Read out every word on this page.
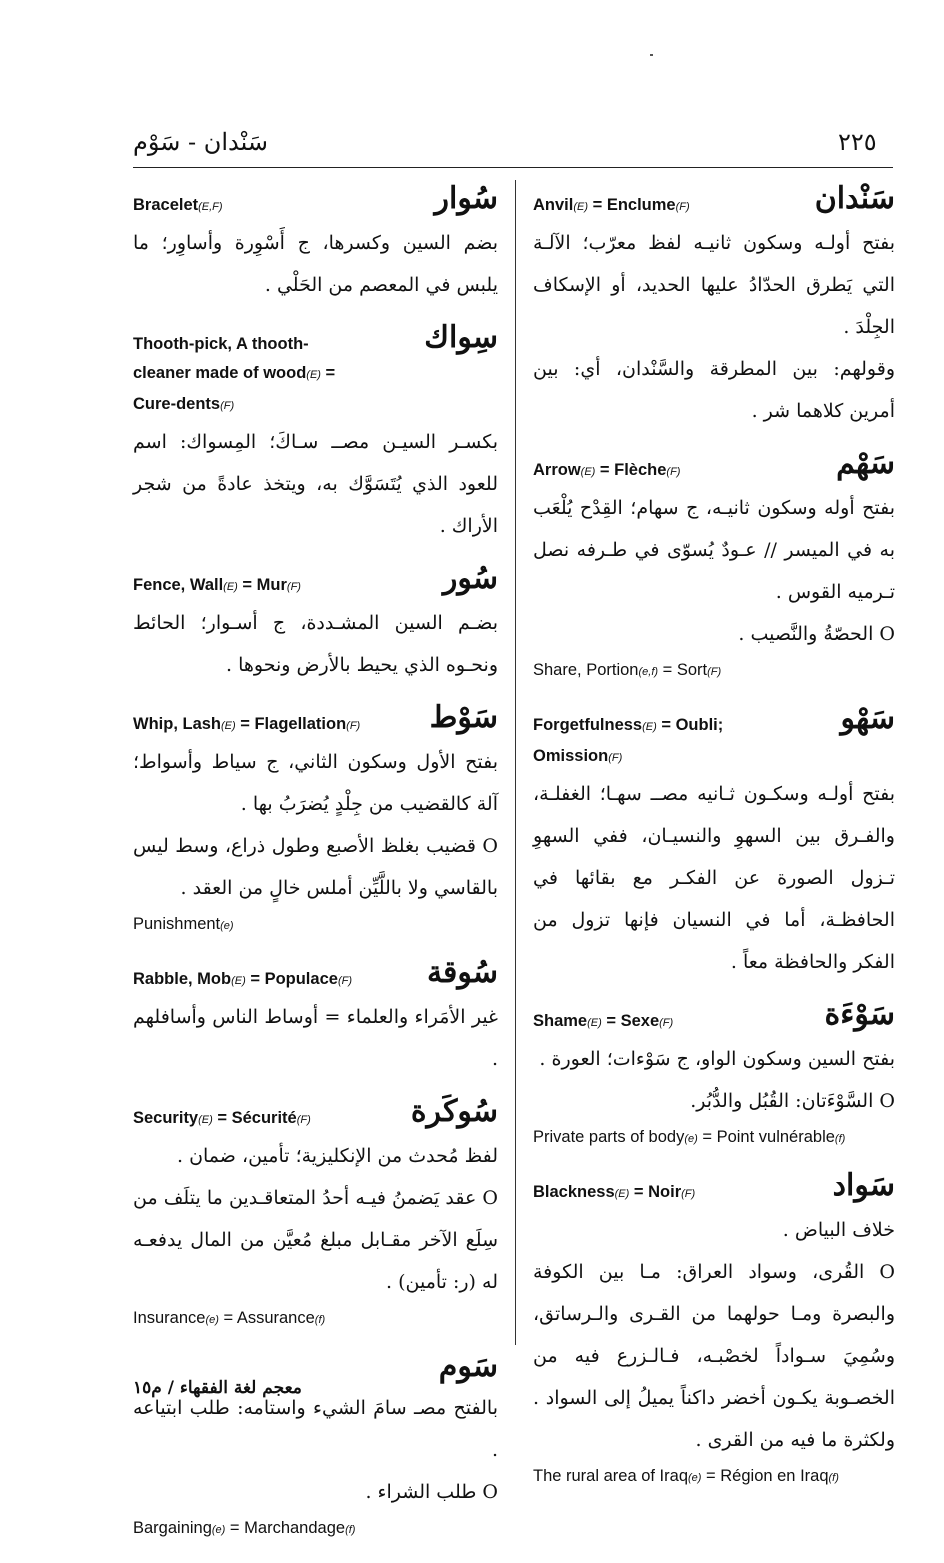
٢٢٥
سَنْدان - سَوْم
سَنْدان
Anvil(E) = Enclume(F)

بفتح أولـه وسكون ثانيـه لفظ معرّب؛ الآلـة التي يَطرق الحدّادُ عليها الحديد، أو الإسكاف الجِلْدَ .

وقولهم: بين المطرقة والسَّنْدان، أي: بين أمرين كلاهما شر .

سَهْم
Arrow(E) = Flèche(F)

بفتح أوله وسكون ثانيـه، ج سهام؛ القِدْح يُلْعَب به في الميسر // عـودٌ يُسوّى في طـرفه نصل تـرميه القوس .

O الحصّةُ والنَّصيب .

Share, Portion(e,f) = Sort(F)
سَهْو
Forgetfulness(E) = Oubli; Omission(F)

بفتح أولـه وسكـون ثـانيه مصــ سهـا؛ الغفلـة، والفـرق بين السهوِ والنسيـان، ففي السهوِ تـزول الصورة عن الفكـر مع بقائها في الحافظـة، أما في النسيان فإنها تزول من الفكر والحافظة معاً .

سَوْءَة
Shame(E) = Sexe(F)

بفتح السين وسكون الواو، ج سَوْءات؛ العورة .

O السَّوْءَتان: القُبُل والدُّبُر.

Private parts of body(e) = Point vulnérable(f)
سَواد
Blackness(E) = Noir(F)

خلاف البياض .

O القُرى، وسواد العراق: مـا بين الكوفة والبصرة ومـا حولهما من القـرى والـرساتق، وسُمِيَ سـواداً لخصْبـه، فـالـزرع فيه من الخصـوبة يكـون أخضر داكناً يميلُ إلى السواد . ولكثرة ما فيه من القرى .

The rural area of Iraq(e) = Région en Iraq(f)
سُوار
Bracelet(E,F)

بضم السين وكسرها، ج أَسْوِرة وأساوِر؛ ما يلبس في المعصم من الحَلْي .

سِواك
Thooth-pick, A thooth-cleaner made of wood(E) = Cure-dents(F)

بكسـر السيـن مصــ سـاكَ؛ المِسواك: اسم للعود الذي يُتَسَوَّك به، ويتخذ عادةً من شجر الأراك .

سُور
Fence, Wall(E) = Mur(F)

بضـم السين المشـددة، ج أسـوار؛ الحائط ونحـوه الذي يحيط بالأرض ونحوها .

سَوْط
Whip, Lash(E) = Flagellation(F)

بفتح الأول وسكون الثاني، ج سياط وأسواط؛ آلة كالقضيب من جِلْدٍ يُضرَبُ بها .

O قضيب بغلظ الأصبع وطول ذراع، وسط ليس بالقاسي ولا باللَّيِّن أملس خالٍ من العقد .

Punishment(e)
سُوقة
Rabble, Mob(E) = Populace(F)

غير الأمَراء والعلماء = أوساط الناس وأسافلهم .

سُوكَرة
Security(E) = Sécurité(F)

لفظ مُحدث من الإنكليزية؛ تأمين، ضمان .

O عقد يَضمنُ فيـه أحدُ المتعاقـدين ما يتلَف من سِلَع الآخر مقـابل مبلغ مُعيَّن من المال يدفعـه له (ر: تأمين) .

Insurance(e) = Assurance(f)
سَوم

بالفتح مصـ سامَ الشيء واستامه: طلب ابتياعه .

O طلب الشراء .

Bargaining(e) = Marchandage(f)
معجم لغة الفقهاء / م١٥
